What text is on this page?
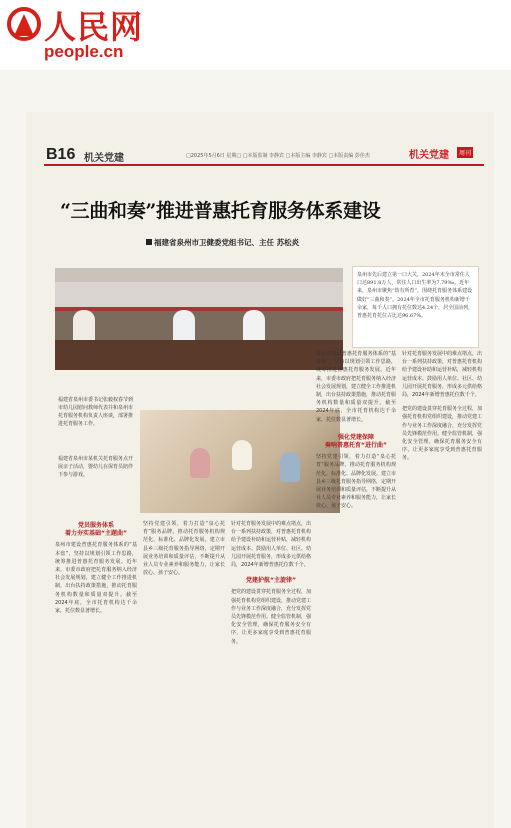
人民网
people.cn
B16 机关党建	□2025年5月6日 星期□ □本版监制 李静宾 □本版主编 李静宾 □本版责编 彭佳杰	机关党建	周刊
“三曲和奏”推进普惠托育服务体系建设
福建省泉州市卫健委党组书记、主任 苏松炎
泉州市先后建立第一口大关，2024年末全市常住人口达891.8万人，常住人口出生率为7.79‰。近年来，泉州市聚焦“幼有所育”，围绕托育服务体系建设做好“三曲和奏”，2024年全市托育服务机构新增千余家，每千人口拥有托位数达4.24个，居全国前列，普惠托育托位占比达96.67%。
福建省泉州市委书记张毅权春节到市幼儿园慰问教师代表并和泉州市托育服务机构负责人座谈，部署推进托育服务工作。
福建省泉州市某机关托育服务点开展亲子活动，婴幼儿在保育员陪伴下参与游戏。
党员服务体系
着力夯实基础“主题曲”
泉州市建设普惠托育服务体系的“基本盘”，坚持以规划引领工作思路，统筹推进普惠托育服务发展。近年来，市委市政府把托育服务纳入经济社会发展规划，建立健全工作推进机制，出台扶持政策措施，推动托育服务机构数量和质量双提升。截至2024年底，全市托育机构达千余家，托位数显著增长。
坚持党建引领，着力打造“泉心托育”服务品牌，推动托育服务机构规范化、标准化、品牌化发展。建立市县乡三级托育服务指导网络，定期开展业务培训和质量评估，不断提升从业人员专业素养和服务能力，让家长放心、孩子安心。
针对托育服务发展中的难点堵点，出台一系列扶持政策，对普惠托育机构给予建设补助和运营补贴，减轻机构运营成本。鼓励用人单位、社区、幼儿园开展托育服务，形成多元供给格局，2024年新增普惠托位数千个。
党建护航“主旋律”
把党的建设贯穿托育服务全过程，加强托育机构党组织建设，推动党建工作与业务工作深度融合，充分发挥党员先锋模范作用。健全监管机制，强化安全管理，确保托育服务安全有序，让更多家庭享受到普惠托育服务。
泉州市建设普惠托育服务体系的“基本盘”，坚持以规划引领工作思路，统筹推进普惠托育服务发展。近年来，市委市政府把托育服务纳入经济社会发展规划，建立健全工作推进机制，出台扶持政策措施，推动托育服务机构数量和质量双提升。截至2024年底，全市托育机构达千余家，托位数显著增长。
强化党建保障
奏响普惠托育“进行曲”
坚持党建引领，着力打造“泉心托育”服务品牌，推动托育服务机构规范化、标准化、品牌化发展。建立市县乡三级托育服务指导网络，定期开展业务培训和质量评估，不断提升从业人员专业素养和服务能力，让家长放心、孩子安心。
针对托育服务发展中的难点堵点，出台一系列扶持政策，对普惠托育机构给予建设补助和运营补贴，减轻机构运营成本。鼓励用人单位、社区、幼儿园开展托育服务，形成多元供给格局，2024年新增普惠托位数千个。
把党的建设贯穿托育服务全过程，加强托育机构党组织建设，推动党建工作与业务工作深度融合，充分发挥党员先锋模范作用。健全监管机制，强化安全管理，确保托育服务安全有序，让更多家庭享受到普惠托育服务。
